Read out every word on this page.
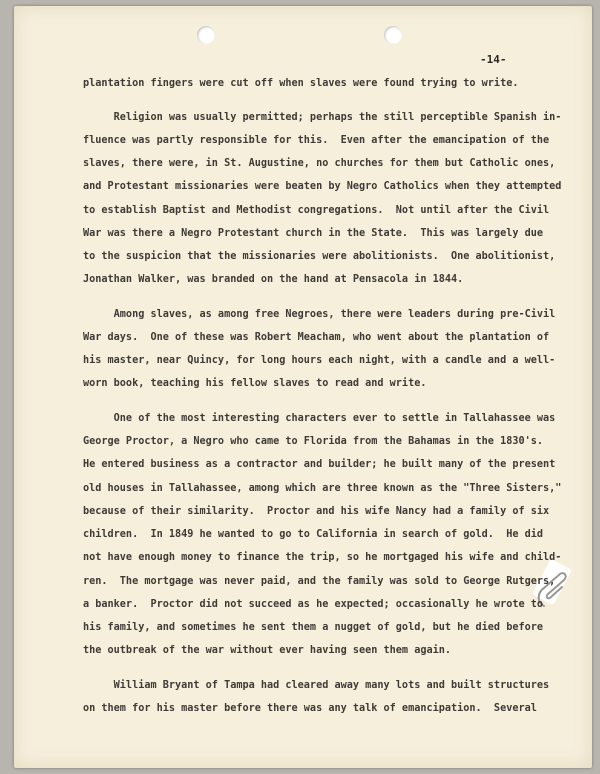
-14-

plantation fingers were cut off when slaves were found trying to write.

Religion was usually permitted; perhaps the still perceptible Spanish in-

fluence was partly responsible for this.  Even after the emancipation of the

slaves, there were, in St. Augustine, no churches for them but Catholic ones,

and Protestant missionaries were beaten by Negro Catholics when they attempted

to establish Baptist and Methodist congregations.  Not until after the Civil

War was there a Negro Protestant church in the State.  This was largely due

to the suspicion that the missionaries were abolitionists.  One abolitionist,

Jonathan Walker, was branded on the hand at Pensacola in 1844.

Among slaves, as among free Negroes, there were leaders during pre-Civil

War days.  One of these was Robert Meacham, who went about the plantation of

his master, near Quincy, for long hours each night, with a candle and a well-

worn book, teaching his fellow slaves to read and write.

One of the most interesting characters ever to settle in Tallahassee was

George Proctor, a Negro who came to Florida from the Bahamas in the 1830's.

He entered business as a contractor and builder; he built many of the present

old houses in Tallahassee, among which are three known as the "Three Sisters,"

because of their similarity.  Proctor and his wife Nancy had a family of six

children.  In 1849 he wanted to go to California in search of gold.  He did

not have enough money to finance the trip, so he mortgaged his wife and child-

ren.  The mortgage was never paid, and the family was sold to George Rutgers,

a banker.  Proctor did not succeed as he expected; occasionally he wrote to

his family, and sometimes he sent them a nugget of gold, but he died before

the outbreak of the war without ever having seen them again.

William Bryant of Tampa had cleared away many lots and built structures

on them for his master before there was any talk of emancipation.  Several
